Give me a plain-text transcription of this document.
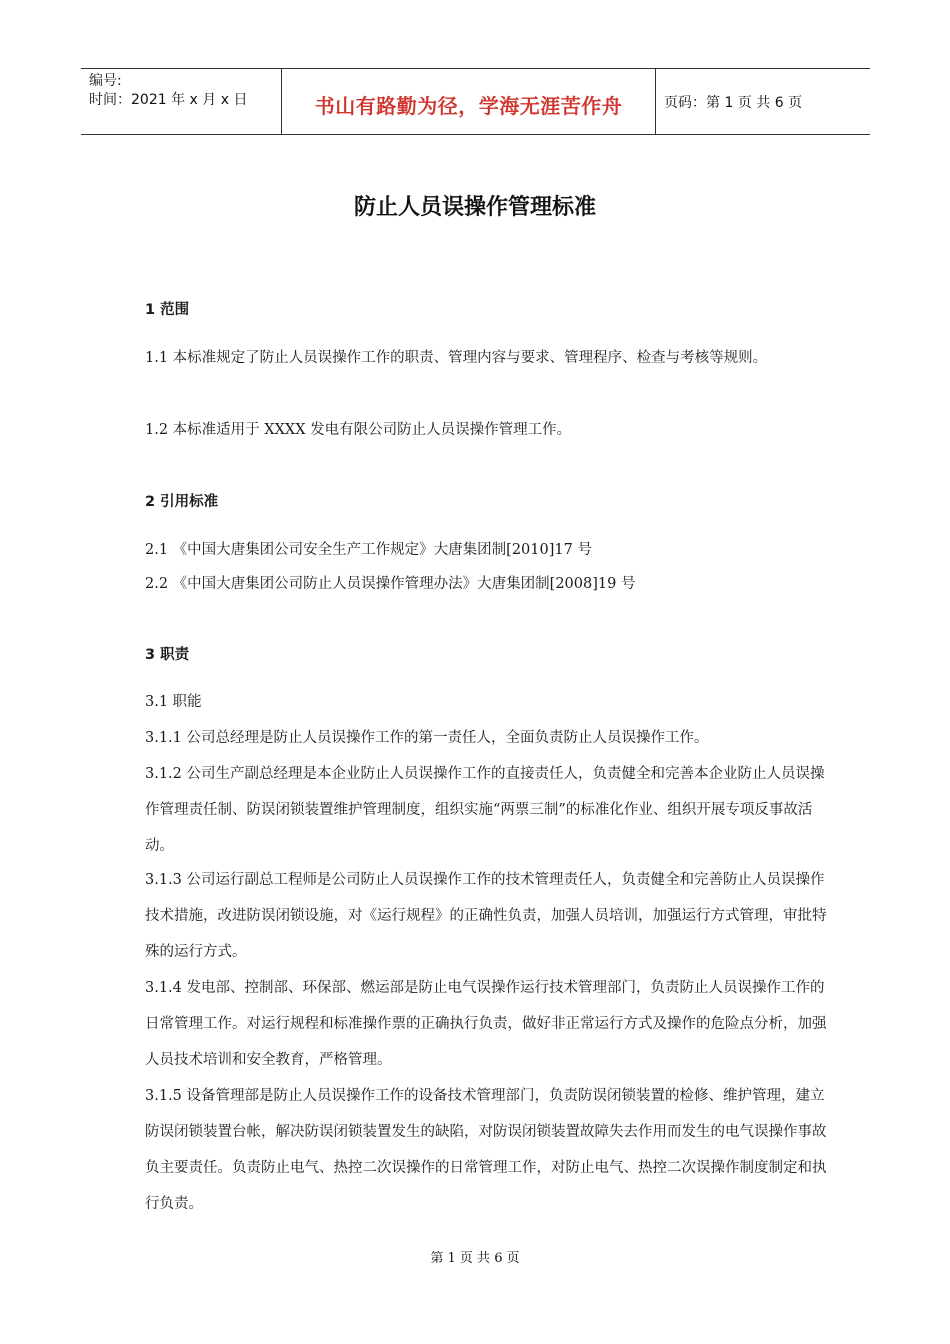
编号:
时间：2021 年 x 月 x 日	书山有路勤为径，学海无涯苦作舟	页码：第 1 页 共 6 页
防止人员误操作管理标准
1 范围

1.1 本标准规定了防止人员误操作工作的职责、管理内容与要求、管理程序、检查与考核等规则。

1.2 本标准适用于 XXXX 发电有限公司防止人员误操作管理工作。

2 引用标准

2.1 《中国大唐集团公司安全生产工作规定》大唐集团制[2010]17 号

2.2 《中国大唐集团公司防止人员误操作管理办法》大唐集团制[2008]19 号

3 职责

3.1 职能

3.1.1 公司总经理是防止人员误操作工作的第一责任人，全面负责防止人员误操作工作。

3.1.2 公司生产副总经理是本企业防止人员误操作工作的直接责任人，负责健全和完善本企业防止人员误操作管理责任制、防误闭锁装置维护管理制度，组织实施“两票三制”的标准化作业、组织开展专项反事故活动。

3.1.3 公司运行副总工程师是公司防止人员误操作工作的技术管理责任人，负责健全和完善防止人员误操作技术措施，改进防误闭锁设施，对《运行规程》的正确性负责，加强人员培训，加强运行方式管理，审批特殊的运行方式。

3.1.4 发电部、控制部、环保部、燃运部是防止电气误操作运行技术管理部门，负责防止人员误操作工作的日常管理工作。对运行规程和标准操作票的正确执行负责，做好非正常运行方式及操作的危险点分析，加强人员技术培训和安全教育，严格管理。

3.1.5 设备管理部是防止人员误操作工作的设备技术管理部门，负责防误闭锁装置的检修、维护管理，建立防误闭锁装置台帐，解决防误闭锁装置发生的缺陷，对防误闭锁装置故障失去作用而发生的电气误操作事故负主要责任。负责防止电气、热控二次误操作的日常管理工作，对防止电气、热控二次误操作制度制定和执行负责。

第 1 页 共 6 页
